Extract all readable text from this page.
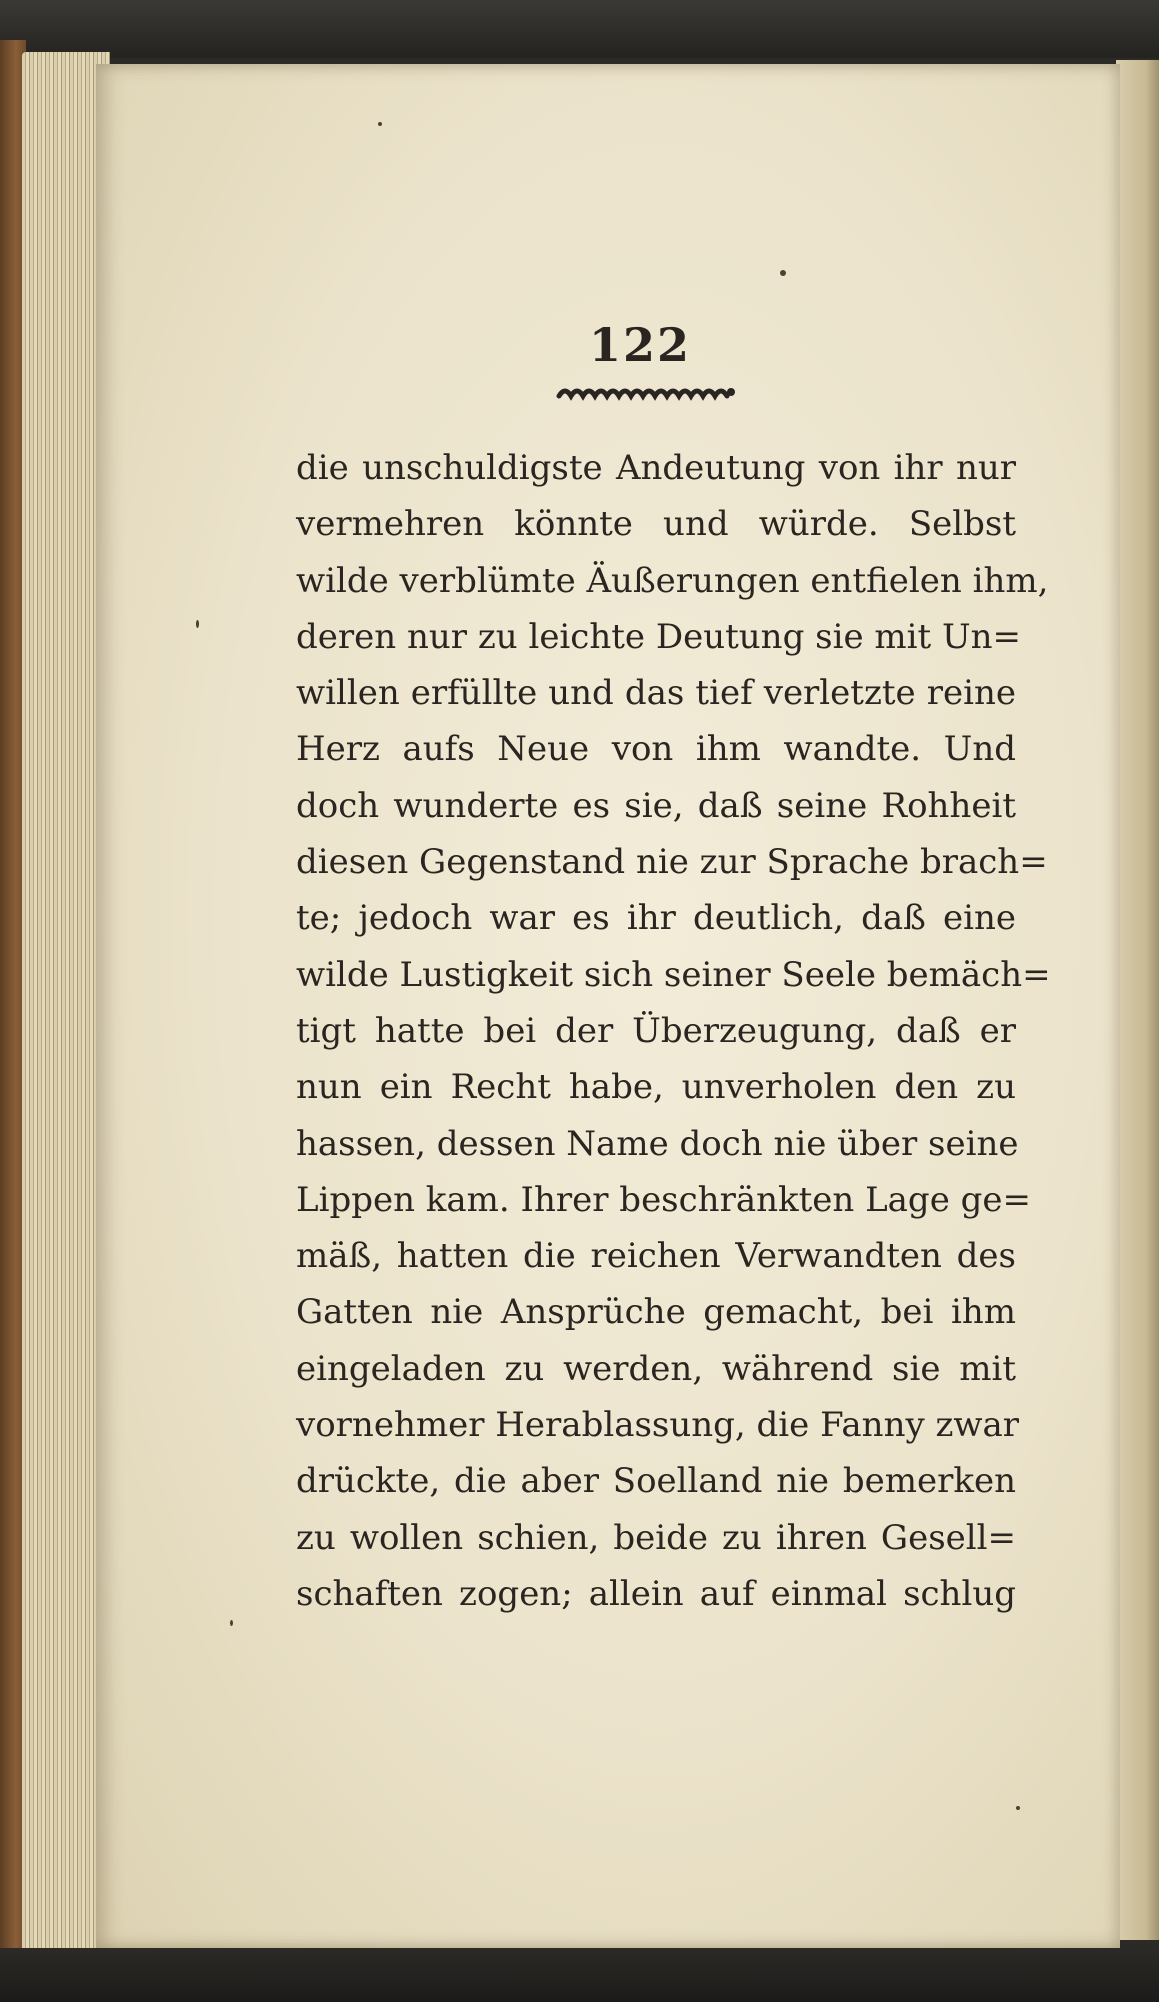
122
die unschuldigste Andeutung von ihr nur
vermehren könnte und würde. Selbst
wilde verblümte Äußerungen entfielen ihm,
deren nur zu leichte Deutung sie mit Un=
willen erfüllte und das tief verletzte reine
Herz aufs Neue von ihm wandte. Und
doch wunderte es sie, daß seine Rohheit
diesen Gegenstand nie zur Sprache brach=
te; jedoch war es ihr deutlich, daß eine
wilde Lustigkeit sich seiner Seele bemäch=
tigt hatte bei der Überzeugung, daß er
nun ein Recht habe, unverholen den zu
hassen, dessen Name doch nie über seine
Lippen kam. Ihrer beschränkten Lage ge=
mäß, hatten die reichen Verwandten des
Gatten nie Ansprüche gemacht, bei ihm
eingeladen zu werden, während sie mit
vornehmer Herablassung, die Fanny zwar
drückte, die aber Soelland nie bemerken
zu wollen schien, beide zu ihren Gesell=
schaften zogen; allein auf einmal schlug
